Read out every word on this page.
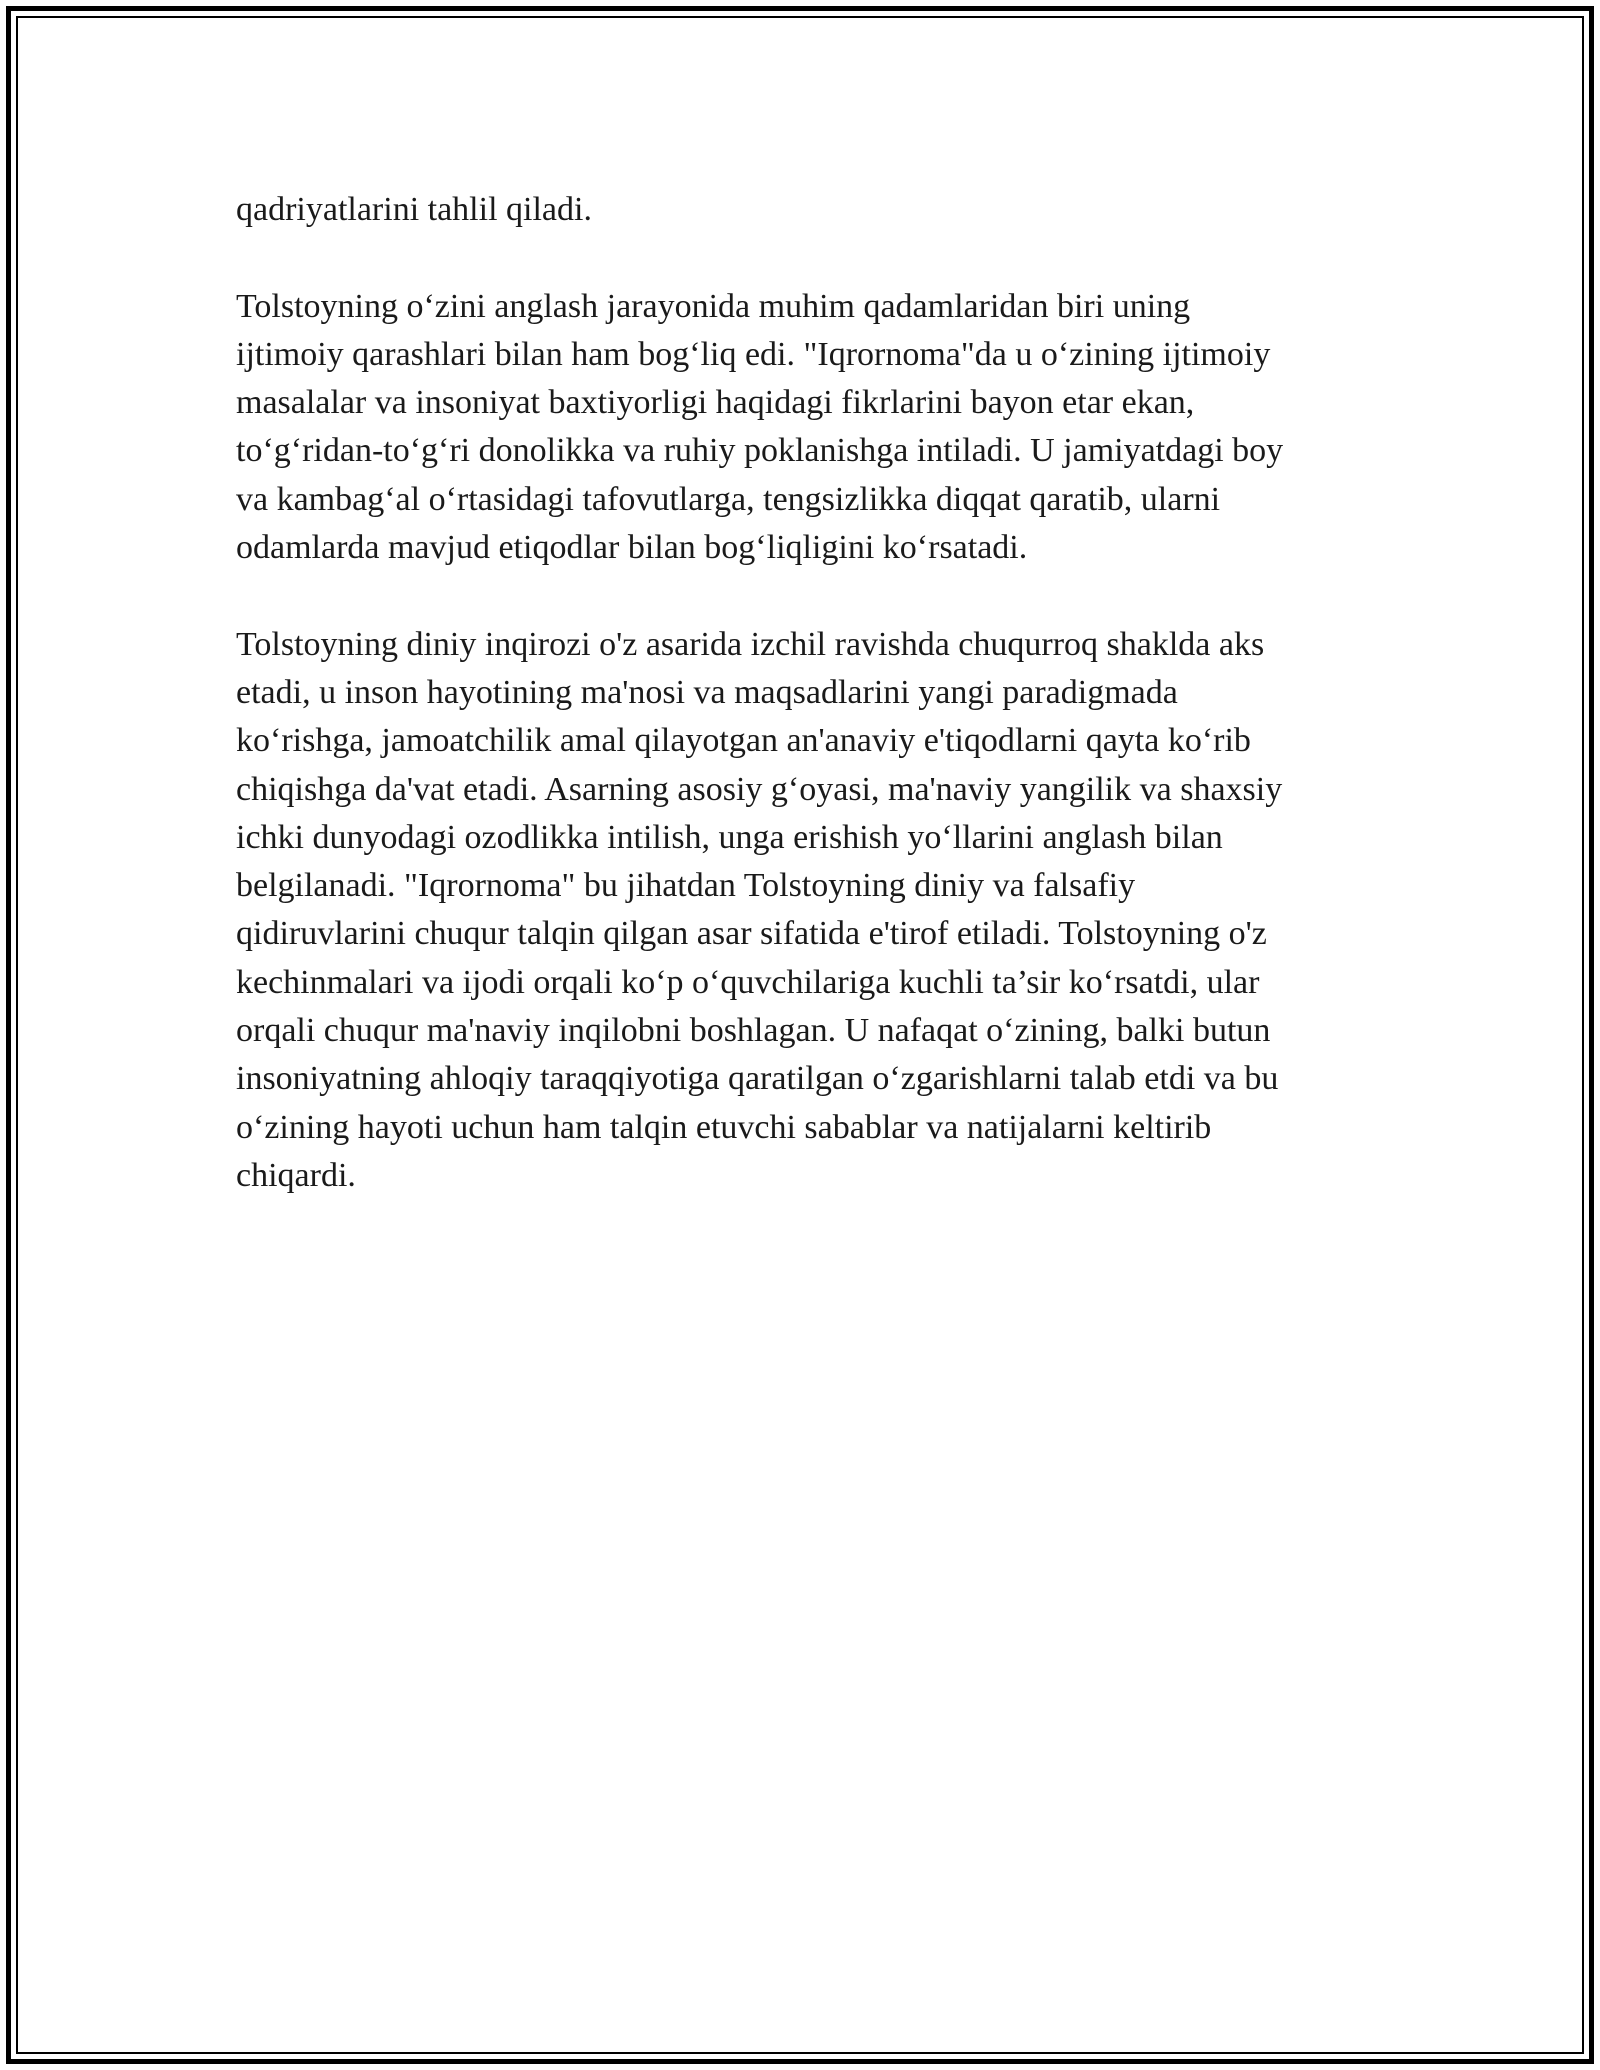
qadriyatlarini tahlil qiladi.

Tolstoyning o‘zini anglash jarayonida muhim qadamlaridan biri uning
ijtimoiy qarashlari bilan ham bog‘liq edi. "Iqrornoma"da u o‘zining ijtimoiy
masalalar va insoniyat baxtiyorligi haqidagi fikrlarini bayon etar ekan,
to‘g‘ridan-to‘g‘ri donolikka va ruhiy poklanishga intiladi. U jamiyatdagi boy
va kambag‘al o‘rtasidagi tafovutlarga, tengsizlikka diqqat qaratib, ularni
odamlarda mavjud etiqodlar bilan bog‘liqligini ko‘rsatadi.

Tolstoyning diniy inqirozi o'z asarida izchil ravishda chuqurroq shaklda aks
etadi, u inson hayotining ma'nosi va maqsadlarini yangi paradigmada
ko‘rishga, jamoatchilik amal qilayotgan an'anaviy e'tiqodlarni qayta ko‘rib
chiqishga da'vat etadi. Asarning asosiy g‘oyasi, ma'naviy yangilik va shaxsiy
ichki dunyodagi ozodlikka intilish, unga erishish yo‘llarini anglash bilan
belgilanadi. "Iqrornoma" bu jihatdan Tolstoyning diniy va falsafiy
qidiruvlarini chuqur talqin qilgan asar sifatida e'tirof etiladi. Tolstoyning o'z
kechinmalari va ijodi orqali ko‘p o‘quvchilariga kuchli ta’sir ko‘rsatdi, ular
orqali chuqur ma'naviy inqilobni boshlagan. U nafaqat o‘zining, balki butun
insoniyatning ahloqiy taraqqiyotiga qaratilgan o‘zgarishlarni talab etdi va bu
o‘zining hayoti uchun ham talqin etuvchi sabablar va natijalarni keltirib
chiqardi.
